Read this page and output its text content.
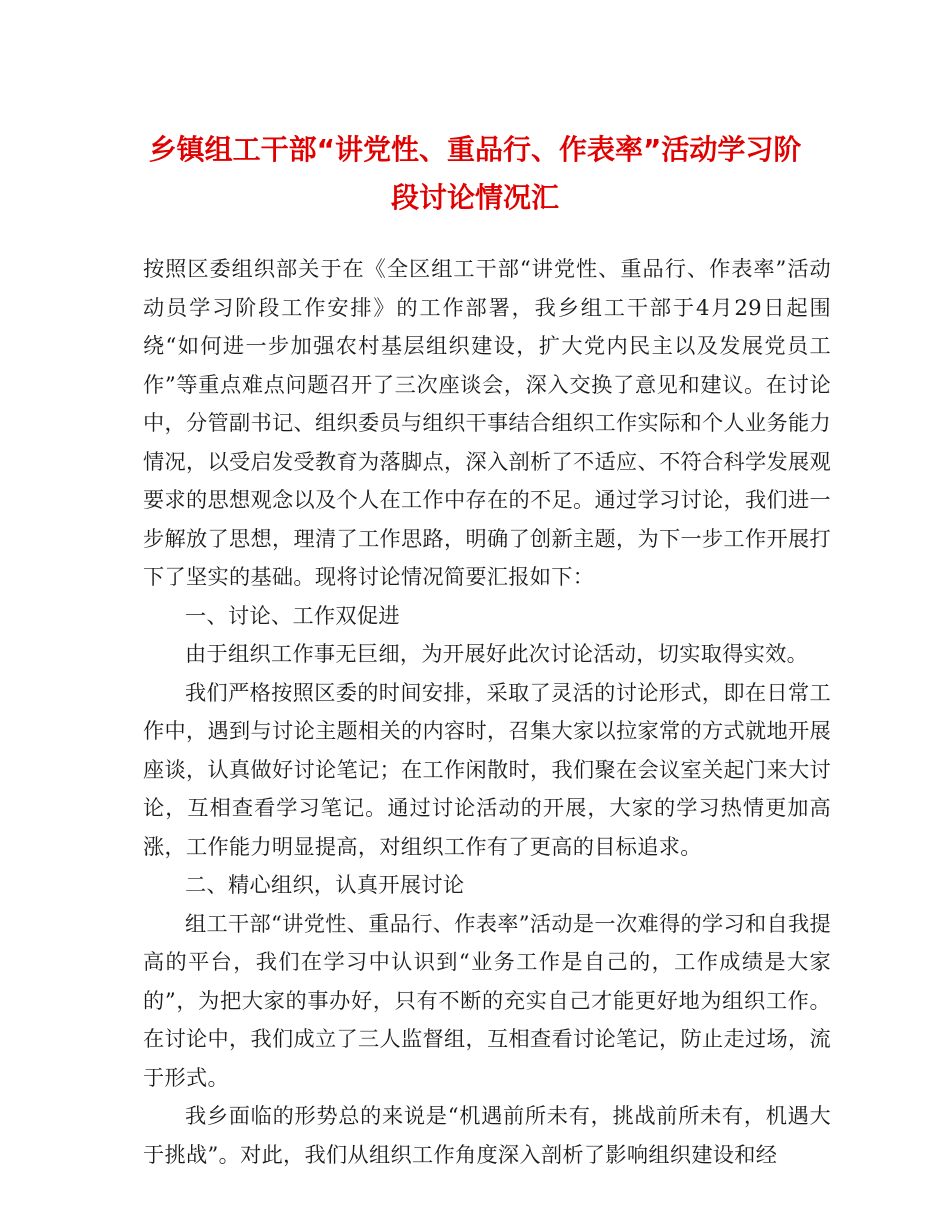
乡镇组工干部“讲党性、重品行、作表率”活动学习阶
段讨论情况汇

按照区委组织部关于在《全区组工干部“讲党性、重品行、作表率”活动动员学习阶段工作安排》的工作部署，我乡组工干部于4月29日起围绕“如何进一步加强农村基层组织建设，扩大党内民主以及发展党员工作”等重点难点问题召开了三次座谈会，深入交换了意见和建议。在讨论中，分管副书记、组织委员与组织干事结合组织工作实际和个人业务能力情况，以受启发受教育为落脚点，深入剖析了不适应、不符合科学发展观要求的思想观念以及个人在工作中存在的不足。通过学习讨论，我们进一步解放了思想，理清了工作思路，明确了创新主题，为下一步工作开展打下了坚实的基础。现将讨论情况简要汇报如下：

一、讨论、工作双促进

由于组织工作事无巨细，为开展好此次讨论活动，切实取得实效。

我们严格按照区委的时间安排，采取了灵活的讨论形式，即在日常工作中，遇到与讨论主题相关的内容时，召集大家以拉家常的方式就地开展座谈，认真做好讨论笔记；在工作闲散时，我们聚在会议室关起门来大讨论，互相查看学习笔记。通过讨论活动的开展，大家的学习热情更加高涨，工作能力明显提高，对组织工作有了更高的目标追求。

二、精心组织，认真开展讨论

组工干部“讲党性、重品行、作表率”活动是一次难得的学习和自我提高的平台，我们在学习中认识到“业务工作是自己的，工作成绩是大家的”，为把大家的事办好，只有不断的充实自己才能更好地为组织工作。在讨论中，我们成立了三人监督组，互相查看讨论笔记，防止走过场，流于形式。

我乡面临的形势总的来说是“机遇前所未有，挑战前所未有，机遇大于挑战”。对此，我们从组织工作角度深入剖析了影响组织建设和经
